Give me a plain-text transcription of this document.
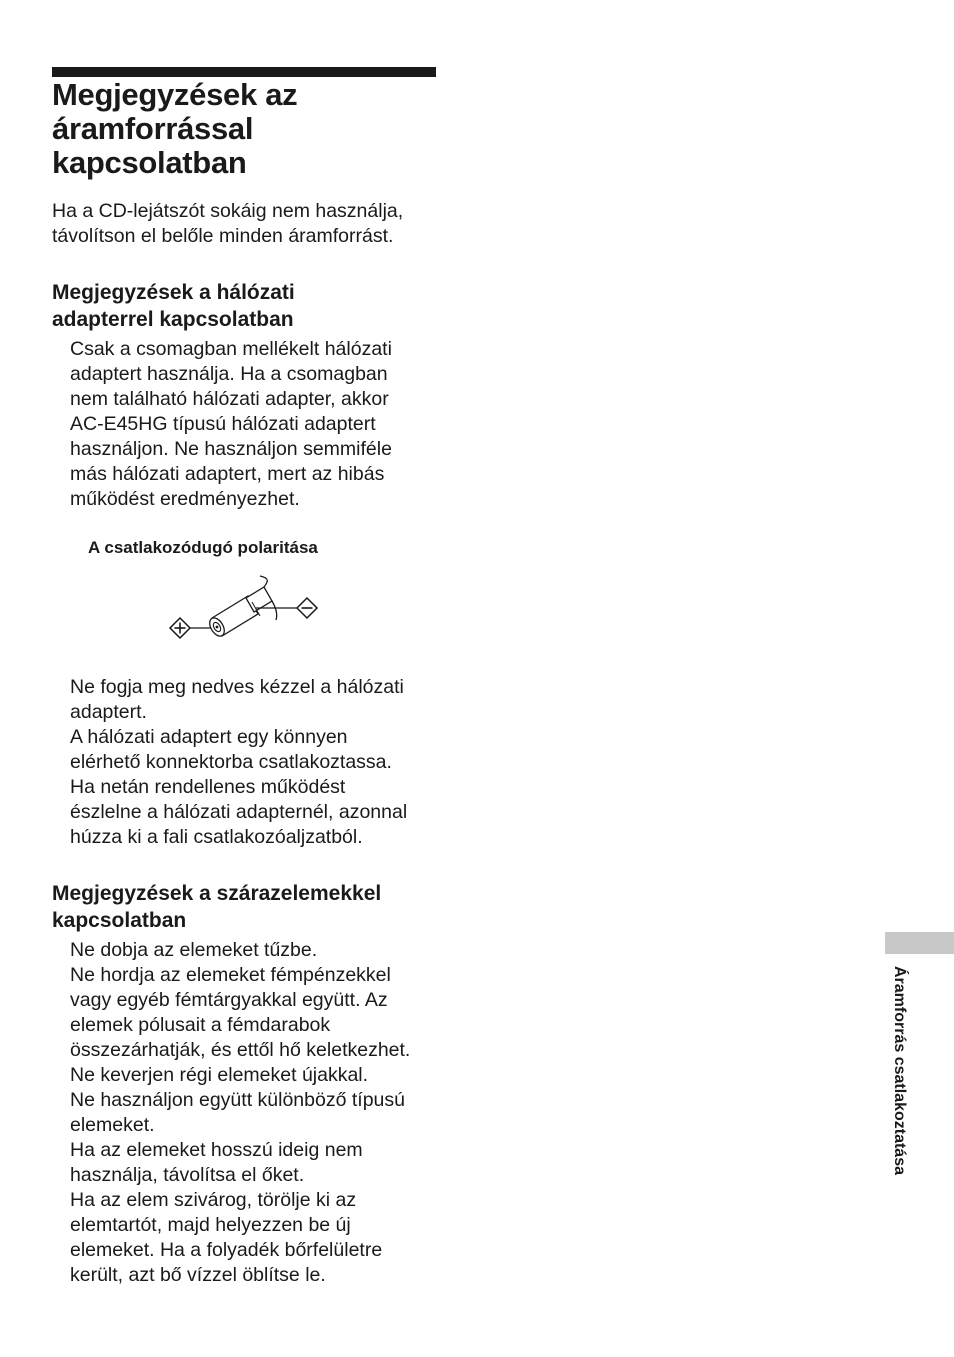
Megjegyzések az
áramforrással
kapcsolatban

Ha a CD-lejátszót sokáig nem használja,
távolítson el belőle minden áramforrást.

Megjegyzések a hálózati
adapterrel kapcsolatban

Csak a csomagban mellékelt hálózati
adaptert használja. Ha a csomagban
nem található hálózati adapter, akkor
AC-E45HG típusú hálózati adaptert
használjon. Ne használjon semmiféle
más hálózati adaptert, mert az hibás
működést eredményezhet.

A csatlakozódugó polaritása

Ne fogja meg nedves kézzel a hálózati
adaptert.
A hálózati adaptert egy könnyen
elérhető konnektorba csatlakoztassa.
Ha netán rendellenes működést
észlelne a hálózati adapternél, azonnal
húzza ki a fali csatlakozóaljzatból.

Megjegyzések a szárazelemekkel
kapcsolatban

Ne dobja az elemeket tűzbe.
Ne hordja az elemeket fémpénzekkel
vagy egyéb fémtárgyakkal együtt. Az
elemek pólusait a fémdarabok
összezárhatják, és ettől hő keletkezhet.
Ne keverjen régi elemeket újakkal.
Ne használjon együtt különböző típusú
elemeket.
Ha az elemeket hosszú ideig nem
használja, távolítsa el őket.
Ha az elem szivárog, törölje ki az
elemtartót, majd helyezzen be új
elemeket. Ha a folyadék bőrfelületre
került, azt bő vízzel öblítse le.

Áramforrás csatlakoztatása
